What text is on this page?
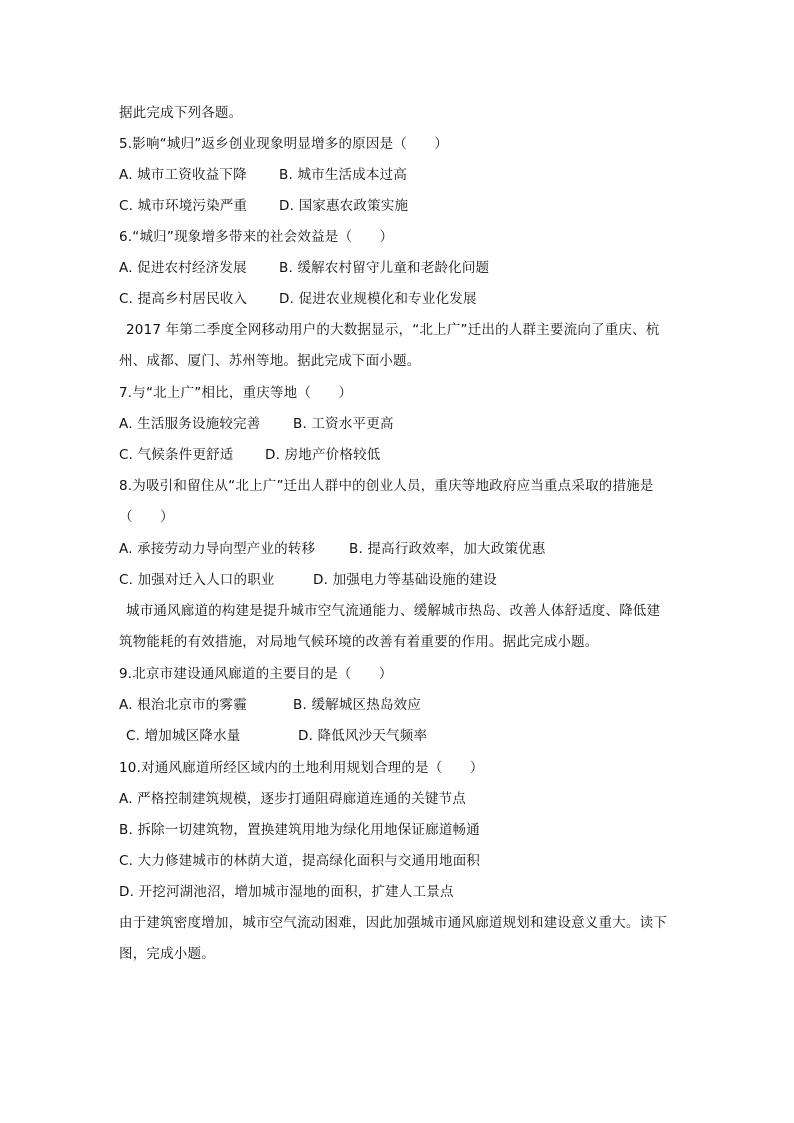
据此完成下列各题。
5.影响“城归”返乡创业现象明显增多的原因是（　　）
A. 城市工资收益下降 B. 城市生活成本过高
C. 城市环境污染严重 D. 国家惠农政策实施
6.“城归”现象增多带来的社会效益是（　　）
A. 促进农村经济发展 B. 缓解农村留守儿童和老龄化问题
C. 提高乡村居民收入 D. 促进农业规模化和专业化发展
2017 年第二季度全网移动用户的大数据显示，“北上广”迁出的人群主要流向了重庆、杭
州、成都、厦门、苏州等地。据此完成下面小题。
7.与“北上广”相比，重庆等地（　　）
A. 生活服务设施较完善 B. 工资水平更高
C. 气候条件更舒适 D. 房地产价格较低
8.为吸引和留住从“北上广”迁出人群中的创业人员，重庆等地政府应当重点采取的措施是
（　　）
A. 承接劳动力导向型产业的转移 B. 提高行政效率，加大政策优惠
C. 加强对迁入人口的职业	D. 加强电力等基础设施的建设
城市通风廊道的构建是提升城市空气流通能力、缓解城市热岛、改善人体舒适度、降低建
筑物能耗的有效措施，对局地气候环境的改善有着重要的作用。据此完成小题。
9.北京市建设通风廊道的主要目的是（　　）
A. 根治北京市的雾霾	B. 缓解城区热岛效应
C. 增加城区降水量	D. 降低风沙天气频率
10.对通风廊道所经区域内的土地利用规划合理的是（　　）
A. 严格控制建筑规模，逐步打通阻碍廊道连通的关键节点
B. 拆除一切建筑物，置换建筑用地为绿化用地保证廊道畅通
C. 大力修建城市的林荫大道，提高绿化面积与交通用地面积
D. 开挖河湖池沼，增加城市湿地的面积，扩建人工景点
由于建筑密度增加，城市空气流动困难，因此加强城市通风廊道规划和建设意义重大。读下
图，完成小题。
